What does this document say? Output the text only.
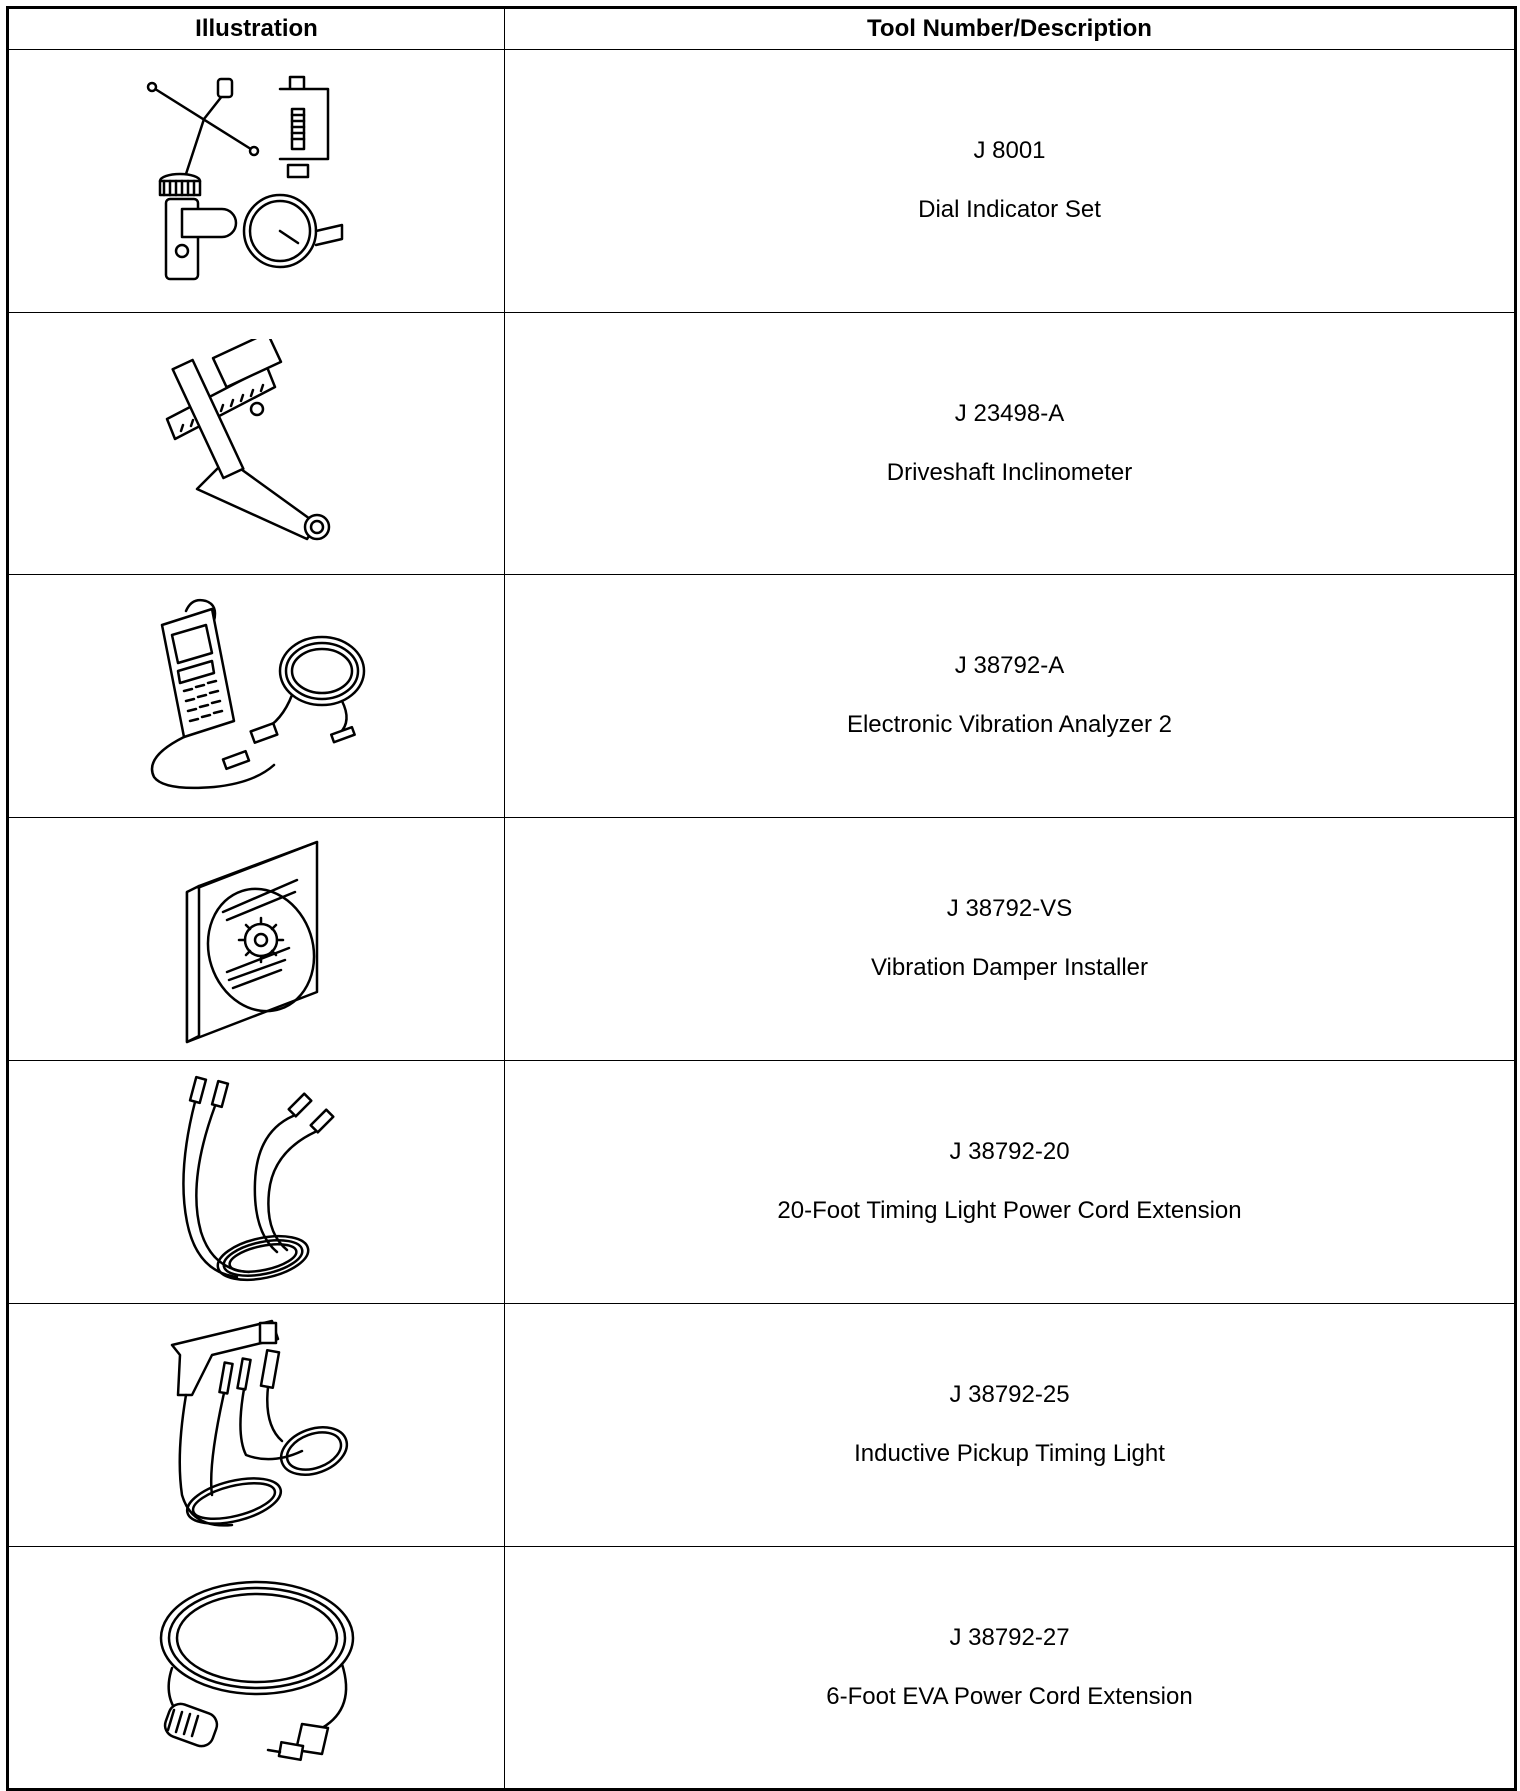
Illustration	Tool Number/Description

J 8001
Dial Indicator Set

J 23498-A
Driveshaft Inclinometer

J 38792-A
Electronic Vibration Analyzer 2

J 38792-VS
Vibration Damper Installer

J 38792-20
20-Foot Timing Light Power Cord Extension

J 38792-25
Inductive Pickup Timing Light

J 38792-27
6-Foot EVA Power Cord Extension
